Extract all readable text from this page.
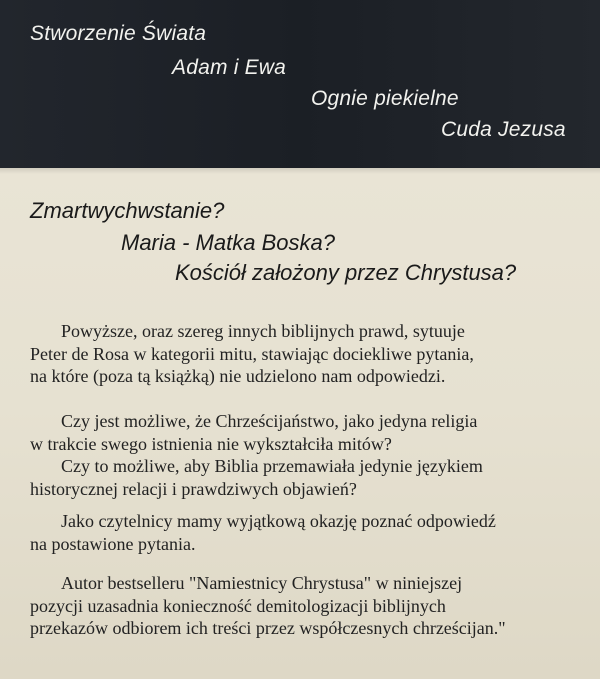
Stworzenie Świata
Adam i Ewa
Ognie piekielne
Cuda Jezusa
Zmartwychwstanie?
Maria - Matka Boska?
Kościół założony przez Chrystusa?
Powyższe, oraz szereg innych biblijnych prawd, sytuuje
Peter de Rosa w kategorii mitu, stawiając dociekliwe pytania,
na które (poza tą książką) nie udzielono nam odpowiedzi.
Czy jest możliwe, że Chrześcijaństwo, jako jedyna religia
w trakcie swego istnienia nie wykształciła mitów?
Czy to możliwe, aby Biblia przemawiała jedynie językiem
historycznej relacji i prawdziwych objawień?
Jako czytelnicy mamy wyjątkową okazję poznać odpowiedź
na postawione pytania.
Autor bestselleru "Namiestnicy Chrystusa" w niniejszej
pozycji uzasadnia konieczność demitologizacji biblijnych
przekazów odbiorem ich treści przez współczesnych chrześcijan."
